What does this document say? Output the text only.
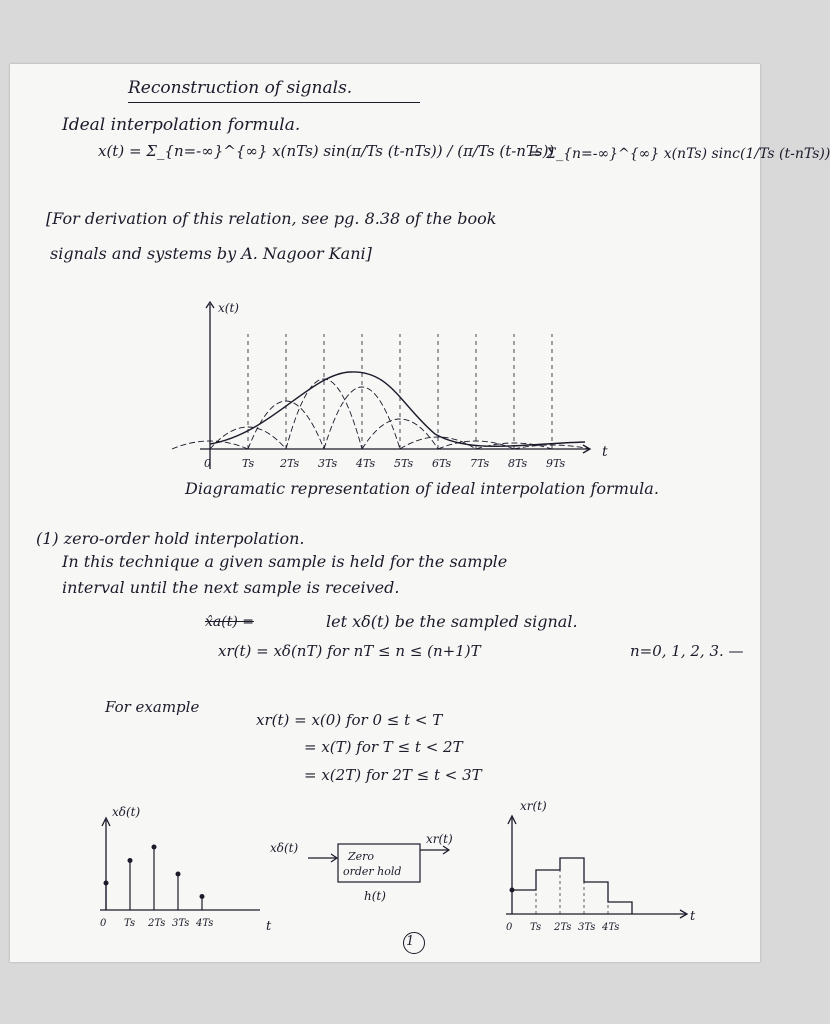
Reconstruction of signals.
Ideal interpolation formula.
x(t) = Σ_{n=-∞}^{∞} x(nTs) sin(π/Ts (t-nTs)) / (π/Ts (t-nTs))
= Σ_{n=-∞}^{∞} x(nTs) sinc(1/Ts (t-nTs))
[For derivation of this relation, see pg. 8.38 of the book
signals and systems by A. Nagoor Kani]
x(t)
t
0	Ts 2Ts 3Ts 4Ts 5Ts 6Ts 7Ts 8Ts 9Ts
Diagramatic representation of ideal interpolation formula.
(1) zero-order hold interpolation.
In this technique a given sample is held for the sample
interval until the next sample is received.
x̂a(t) =	let xδ(t) be the sampled signal.
xr(t) = xδ(nT) for nT ≤ n ≤ (n+1)T	n=0, 1, 2, 3. —
For example
xr(t) = x(0) for 0 ≤ t < T
= x(T) for T ≤ t < 2T
= x(2T) for 2T ≤ t < 3T
xδ(t)
t
0 Ts 2Ts 3Ts 4Ts
xδ(t)
Zero
order hold
xr(t)
h(t)
xr(t)
t
0 Ts 2Ts 3Ts 4Ts
1
